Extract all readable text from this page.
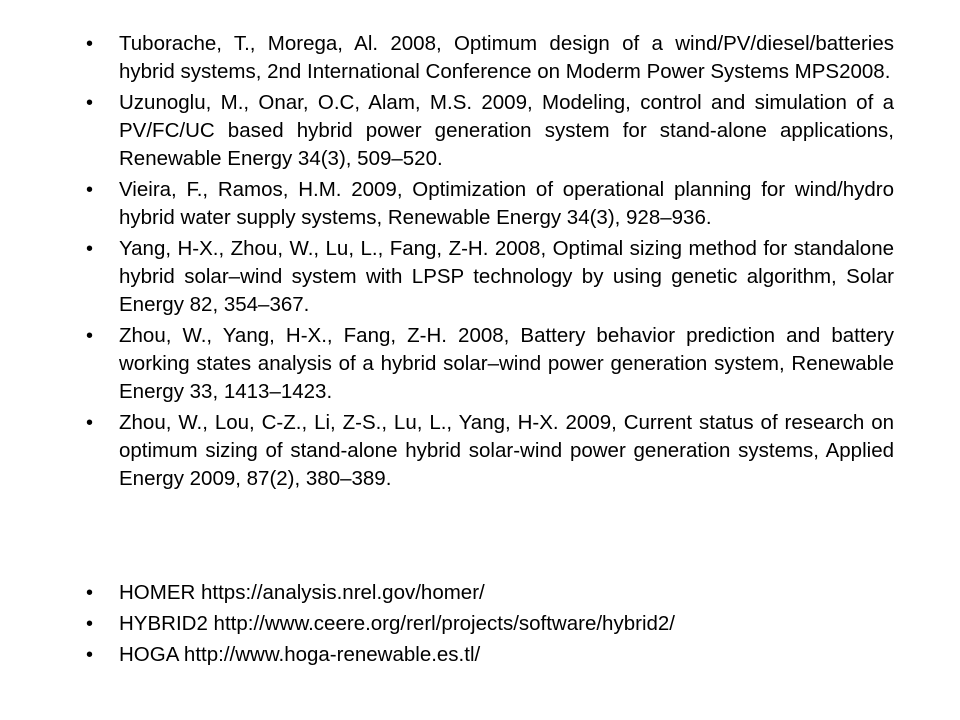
• Tuborache, T., Morega, Al. 2008, Optimum design of a wind/PV/diesel/batteries hybrid systems, 2nd International Conference on Moderm Power Systems MPS2008.
• Uzunoglu, M., Onar, O.C, Alam, M.S. 2009, Modeling, control and simulation of a PV/FC/UC based hybrid power generation system for stand-alone applications, Renewable Energy 34(3), 509–520.
• Vieira, F., Ramos, H.M. 2009, Optimization of operational planning for wind/hydro hybrid water supply systems, Renewable Energy 34(3), 928–936.
• Yang, H-X., Zhou, W., Lu, L., Fang, Z-H. 2008, Optimal sizing method for standalone hybrid solar–wind system with LPSP technology by using genetic algorithm, Solar Energy 82, 354–367.
• Zhou, W., Yang, H-X., Fang, Z-H. 2008, Battery behavior prediction and battery working states analysis of a hybrid solar–wind power generation system, Renewable Energy 33, 1413–1423.
• Zhou, W., Lou, C-Z., Li, Z-S., Lu, L., Yang, H-X. 2009, Current status of research on optimum sizing of stand-alone hybrid solar-wind power generation systems, Applied Energy 2009, 87(2), 380–389.
• HOMER https://analysis.nrel.gov/homer/
• HYBRID2 http://www.ceere.org/rerl/projects/software/hybrid2/
• HOGA http://www.hoga-renewable.es.tl/
